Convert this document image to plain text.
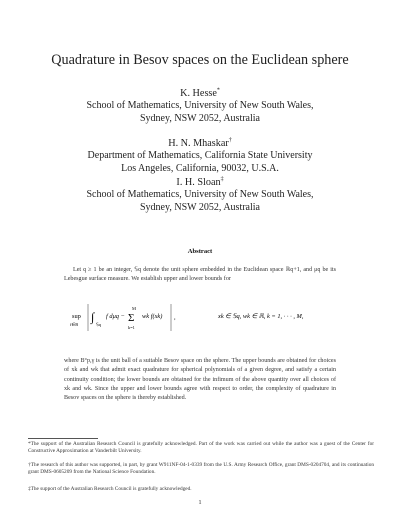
Quadrature in Besov spaces on the Euclidean sphere
K. Hesse*
School of Mathematics, University of New South Wales,
Sydney, NSW 2052, Australia
H. N. Mhaskar†
Department of Mathematics, California State University
Los Angeles, California, 90032, U.S.A.
I. H. Sloan‡
School of Mathematics, University of New South Wales,
Sydney, NSW 2052, Australia
Abstract
Let q ≥ 1 be an integer, 𝕊q denote the unit sphere embedded in the Euclidean space ℝq+1, and μq be its Lebesgue surface measure. We establish upper and lower bounds for
sup
f∈B
∫
𝕊q
f dμq −
M
Σ
k=1
wk f(xk) ,	xk ∈ 𝕊q, wk ∈ ℝ, k = 1, · · · , M,
where B°p,γ is the unit ball of a suitable Besov space on the sphere. The upper bounds are obtained for choices of xk and wk that admit exact quadrature for spherical polynomials of a given degree, and satisfy a certain continuity condition; the lower bounds are obtained for the infimum of the above quantity over all choices of xk and wk. Since the upper and lower bounds agree with respect to order, the complexity of quadrature in Besov spaces on the sphere is thereby established.
*The support of the Australian Research Council is gratefully acknowledged. Part of the work was carried out while the author was a guest of the Center for Constructive Approximation at Vanderbilt University.
†The research of this author was supported, in part, by grant W911NF-04-1-0339 from the U.S. Army Research Office, grant DMS-0204704, and its continuation grant DMS-0605209 from the National Science Foundation.
‡The support of the Australian Research Council is gratefully acknowledged.
1
